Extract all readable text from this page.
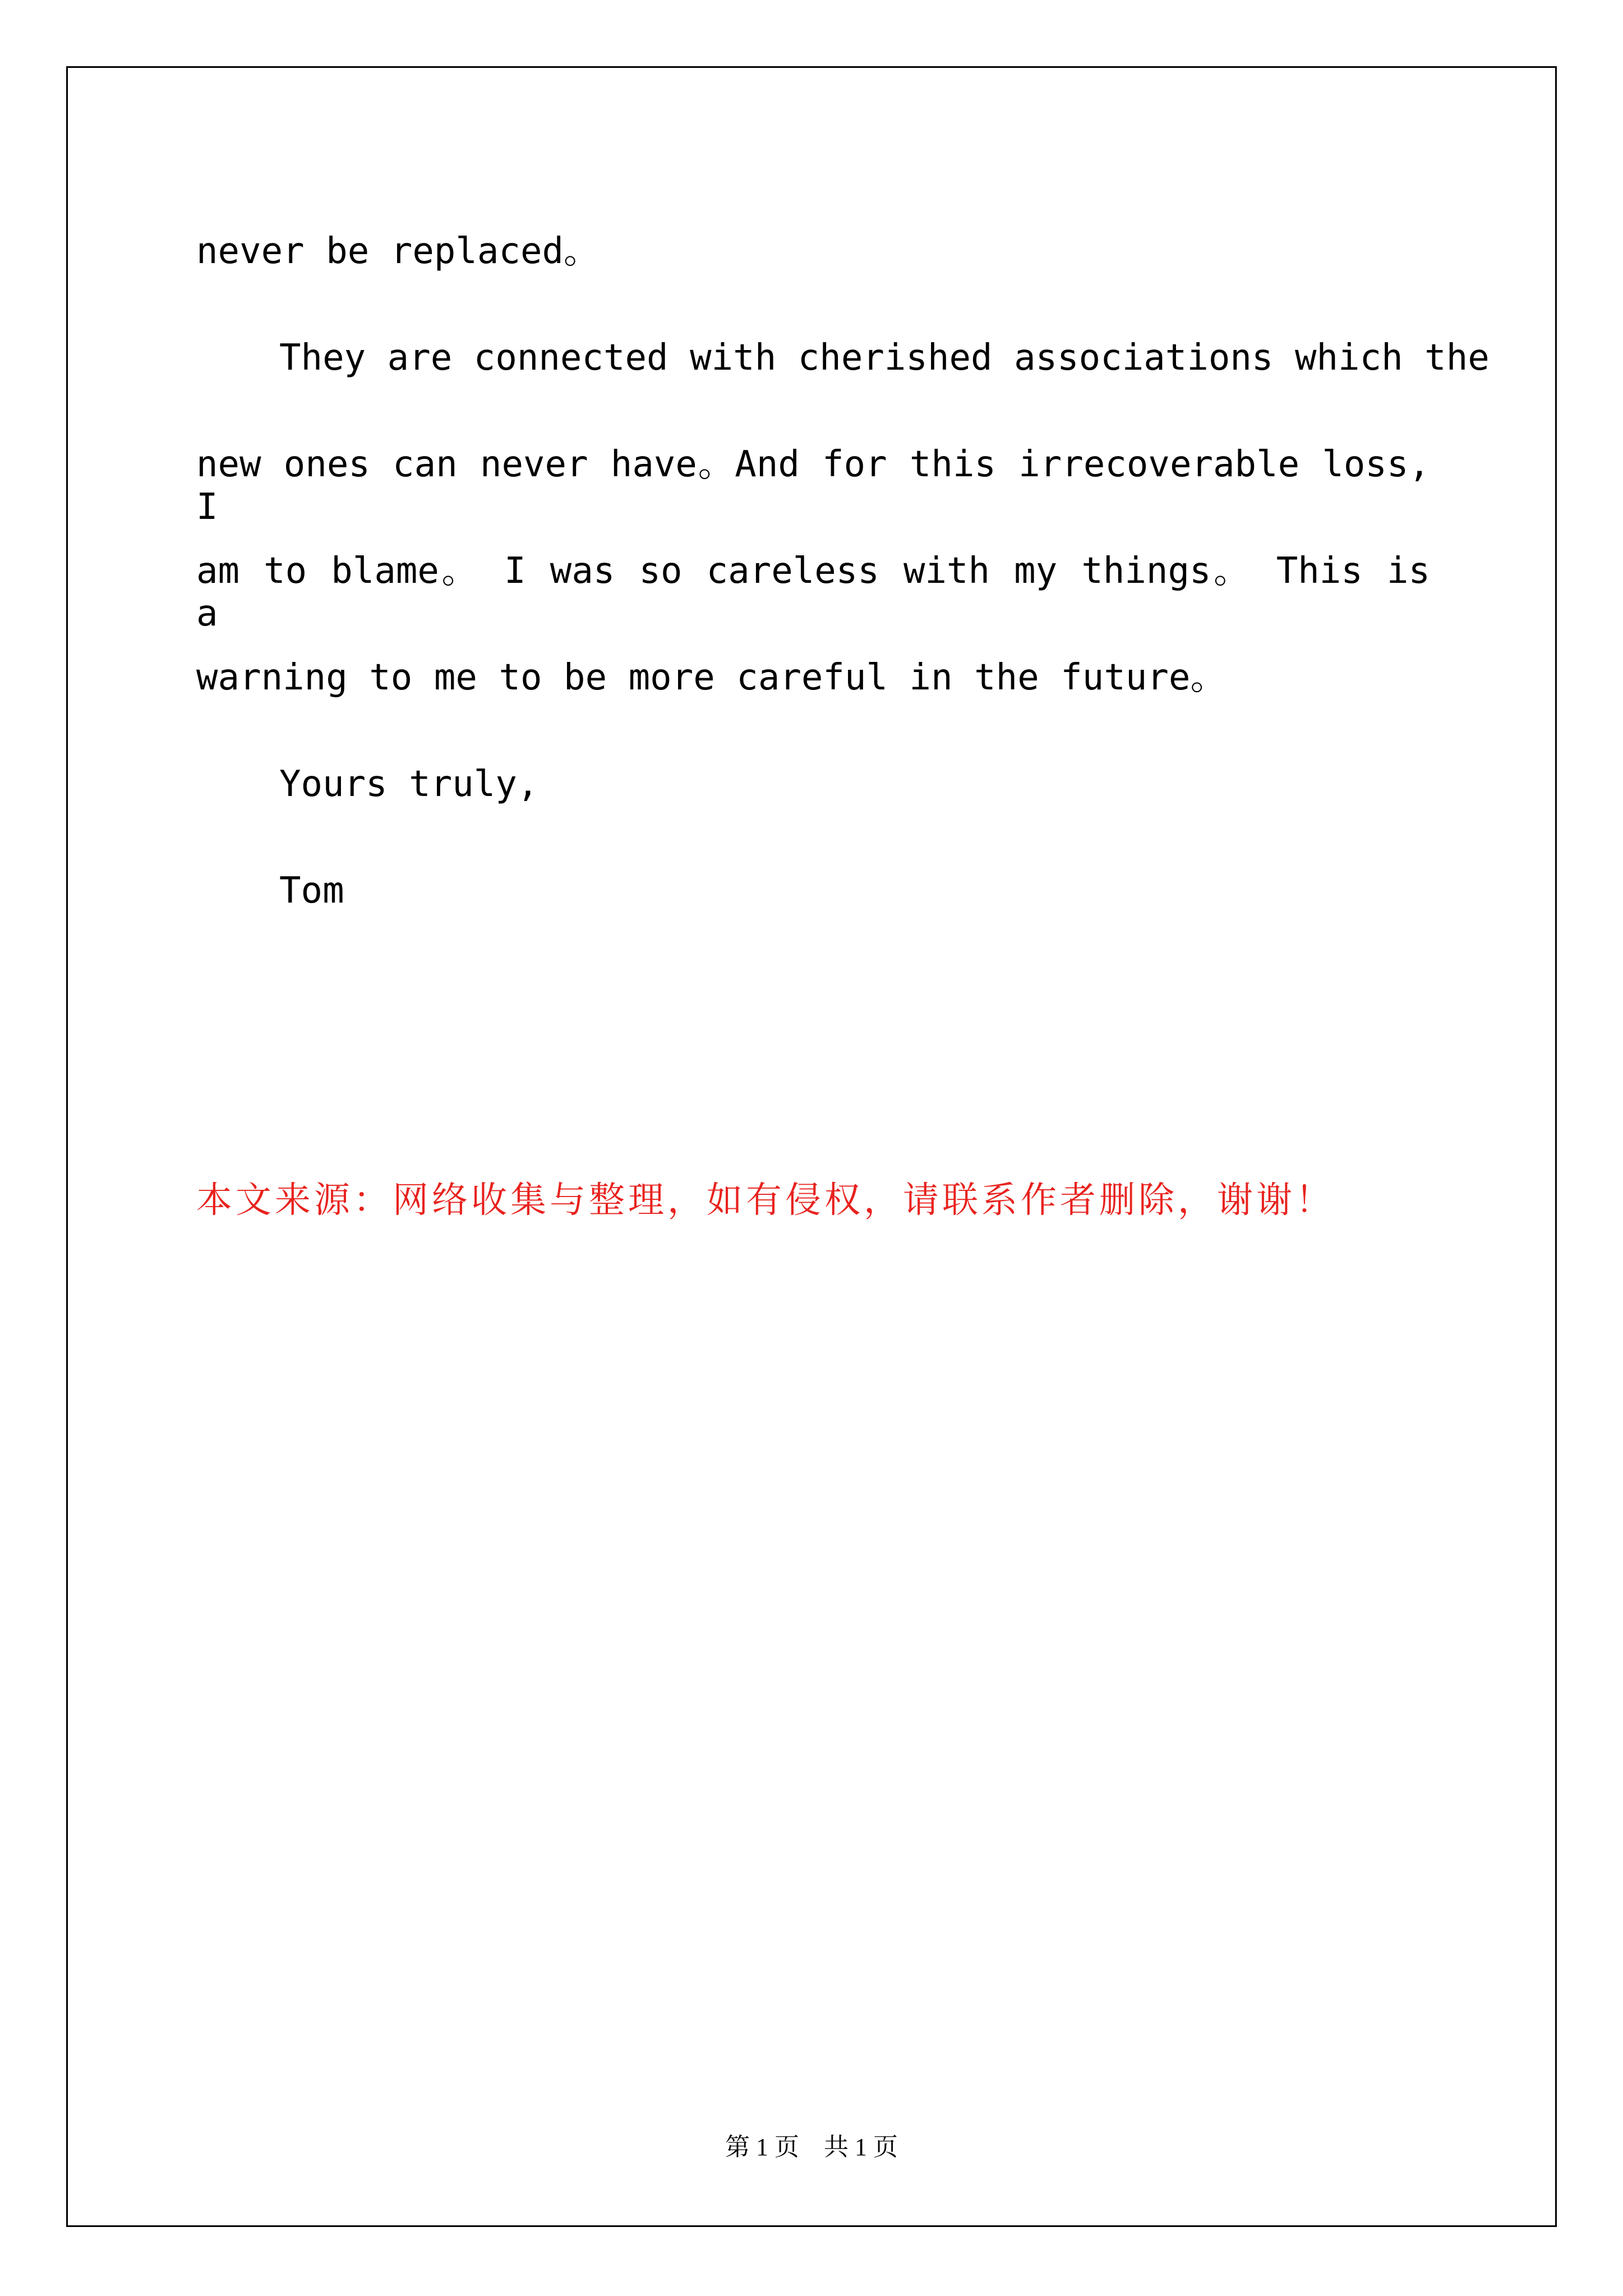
never be replaced。
They are connected with cherished associations which the
new ones can never have。And for this irrecoverable loss, I
am to blame。 I was so careless with my things。 This is a
warning to me to be more careful in the future。
Yours truly,
Tom
本文来源：网络收集与整理，如有侵权，请联系作者删除，谢谢！
第 1 页    共 1 页
